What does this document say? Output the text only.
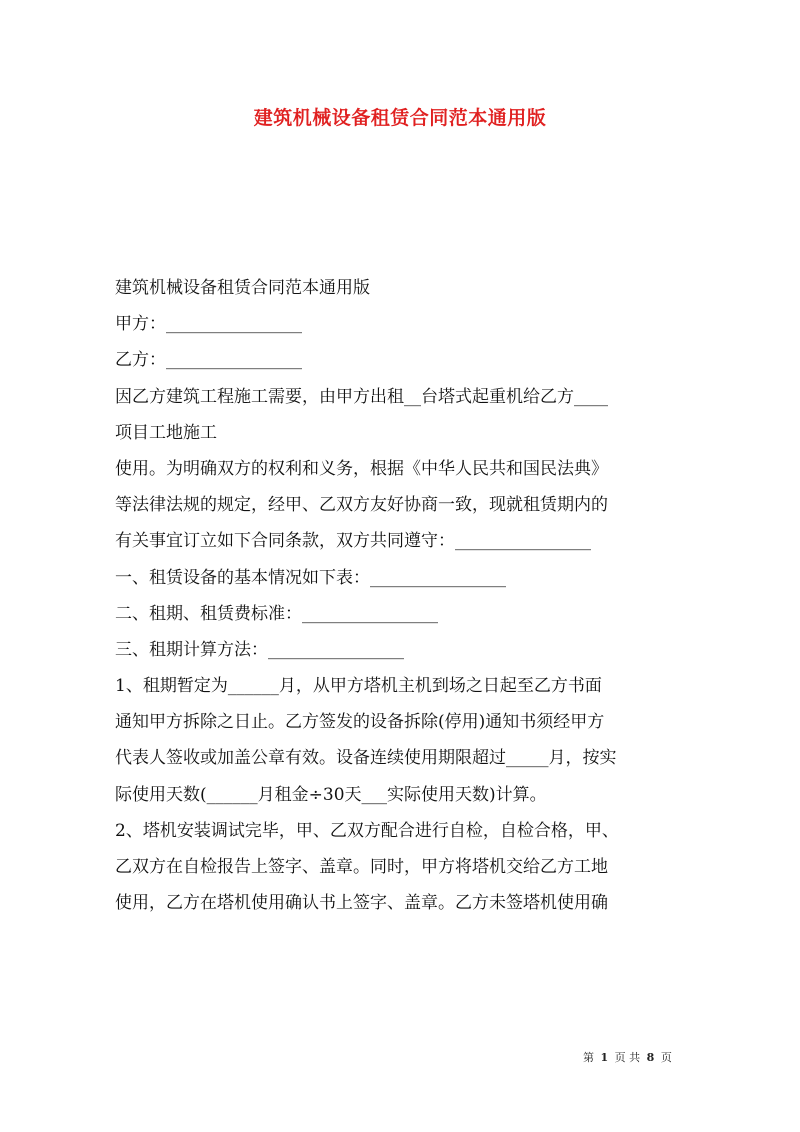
建筑机械设备租赁合同范本通用版
建筑机械设备租赁合同范本通用版
甲方：________________
乙方：________________
因乙方建筑工程施工需要，由甲方出租__台塔式起重机给乙方____
项目工地施工
使用。为明确双方的权利和义务，根据《中华人民共和国民法典》
等法律法规的规定，经甲、乙双方友好协商一致，现就租赁期内的
有关事宜订立如下合同条款，双方共同遵守：________________
一、租赁设备的基本情况如下表：________________
二、租期、租赁费标准：________________
三、租期计算方法：________________
1、租期暂定为______月，从甲方塔机主机到场之日起至乙方书面
通知甲方拆除之日止。乙方签发的设备拆除(停用)通知书须经甲方
代表人签收或加盖公章有效。设备连续使用期限超过_____月，按实
际使用天数(______月租金÷30天___实际使用天数)计算。
2、塔机安装调试完毕，甲、乙双方配合进行自检，自检合格，甲、
乙双方在自检报告上签字、盖章。同时，甲方将塔机交给乙方工地
使用，乙方在塔机使用确认书上签字、盖章。乙方未签塔机使用确
第 1 页 共 8 页
